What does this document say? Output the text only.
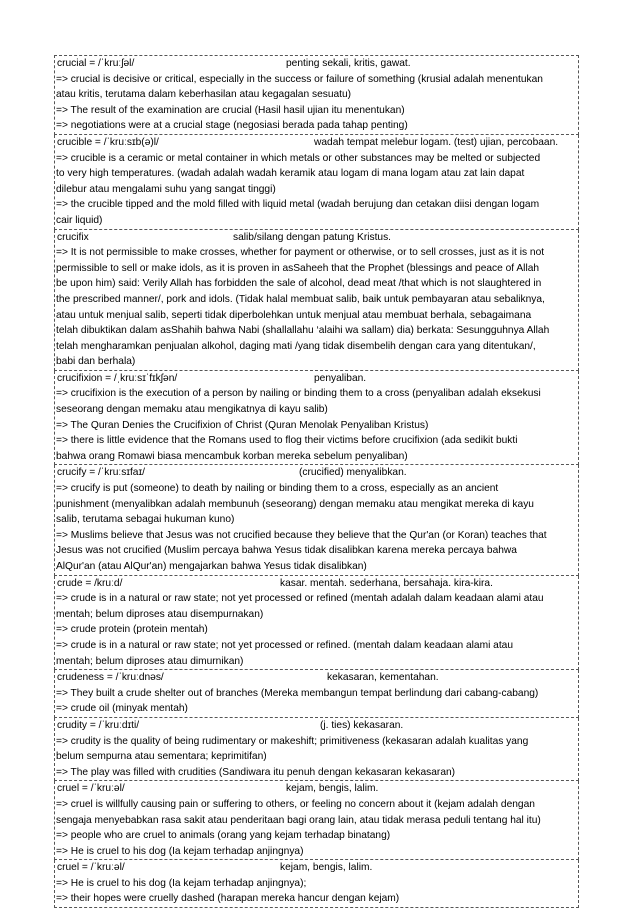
crucial = /ˈkruːʃəl/	penting sekali, kritis, gawat.
=> crucial is decisive or critical, especially in the success or failure of something (krusial adalah menentukan
atau kritis, terutama dalam keberhasilan atau kegagalan sesuatu)
=> The result of the examination are crucial (Hasil hasil ujian itu menentukan)
=> negotiations were at a crucial stage (negosiasi berada pada tahap penting)
crucible = /ˈkruːsɪb(ə)l/	wadah tempat melebur logam. (test) ujian, percobaan.
=> crucible is a ceramic or metal container in which metals or other substances may be melted or subjected
to very high temperatures. (wadah adalah wadah keramik atau logam di mana logam atau zat lain dapat
dilebur atau mengalami suhu yang sangat tinggi)
=> the crucible tipped and the mold filled with liquid metal (wadah berujung dan cetakan diisi dengan logam
cair liquid)
crucifix	salib/silang dengan patung Kristus.
=> It is not permissible to make crosses, whether for payment or otherwise, or to sell crosses, just as it is not
permissible to sell or make idols, as it is proven in asSaheeh that the Prophet (blessings and peace of Allah
be upon him) said: Verily Allah has forbidden the sale of alcohol, dead meat /that which is not slaughtered in
the prescribed manner/, pork and idols. (Tidak halal membuat salib, baik untuk pembayaran atau sebaliknya,
atau untuk menjual salib, seperti tidak diperbolehkan untuk menjual atau membuat berhala, sebagaimana
telah dibuktikan dalam asShahih bahwa Nabi (shallallahu ‘alaihi wa sallam) dia) berkata: Sesungguhnya Allah
telah mengharamkan penjualan alkohol, daging mati /yang tidak disembelih dengan cara yang ditentukan/,
babi dan berhala)
crucifixion = /ˌkruːsɪˈfɪkʃən/	penyaliban.
=> crucifixion is the execution of a person by nailing or binding them to a cross (penyaliban adalah eksekusi
seseorang dengan memaku atau mengikatnya di kayu salib)
=> The Quran Denies the Crucifixion of Christ (Quran Menolak Penyaliban Kristus)
=> there is little evidence that the Romans used to flog their victims before crucifixion (ada sedikit bukti
bahwa orang Romawi biasa mencambuk korban mereka sebelum penyaliban)
crucify = /ˈkruːsɪfaɪ/	(crucified) menyalibkan.
=> crucify is put (someone) to death by nailing or binding them to a cross, especially as an ancient
punishment (menyalibkan adalah membunuh (seseorang) dengan memaku atau mengikat mereka di kayu
salib, terutama sebagai hukuman kuno)
=> Muslims believe that Jesus was not crucified because they believe that the Qur'an (or Koran) teaches that
Jesus was not crucified (Muslim percaya bahwa Yesus tidak disalibkan karena mereka percaya bahwa
AlQur'an (atau AlQur'an) mengajarkan bahwa Yesus tidak disalibkan)
crude = /kruːd/	kasar. mentah. sederhana, bersahaja. kira-kira.
=> crude is in a natural or raw state; not yet processed or refined (mentah adalah dalam keadaan alami atau
mentah; belum diproses atau disempurnakan)
=> crude protein (protein mentah)
=> crude is in a natural or raw state; not yet processed or refined. (mentah dalam keadaan alami atau
mentah; belum diproses atau dimurnikan)
crudeness = /ˈkruːdnəs/	kekasaran, kementahan.
=> They built a crude shelter out of branches (Mereka membangun tempat berlindung dari cabang-cabang)
=> crude oil (minyak mentah)
crudity = /ˈkruːdɪti/	(j. ties) kekasaran.
=> crudity is the quality of being rudimentary or makeshift; primitiveness (kekasaran adalah kualitas yang
belum sempurna atau sementara; keprimitifan)
=> The play was filled with crudities (Sandiwara itu penuh dengan kekasaran kekasaran)
cruel = /ˈkruːəl/	kejam, bengis, lalim.
=> cruel is willfully causing pain or suffering to others, or feeling no concern about it (kejam adalah dengan
sengaja menyebabkan rasa sakit atau penderitaan bagi orang lain, atau tidak merasa peduli tentang hal itu)
=> people who are cruel to animals (orang yang kejam terhadap binatang)
=> He is cruel to his dog (Ia kejam terhadap anjingnya)
cruel = /ˈkruːəl/	kejam, bengis, lalim.
=> He is cruel to his dog (Ia kejam terhadap anjingnya);
=> their hopes were cruelly dashed (harapan mereka hancur dengan kejam)
